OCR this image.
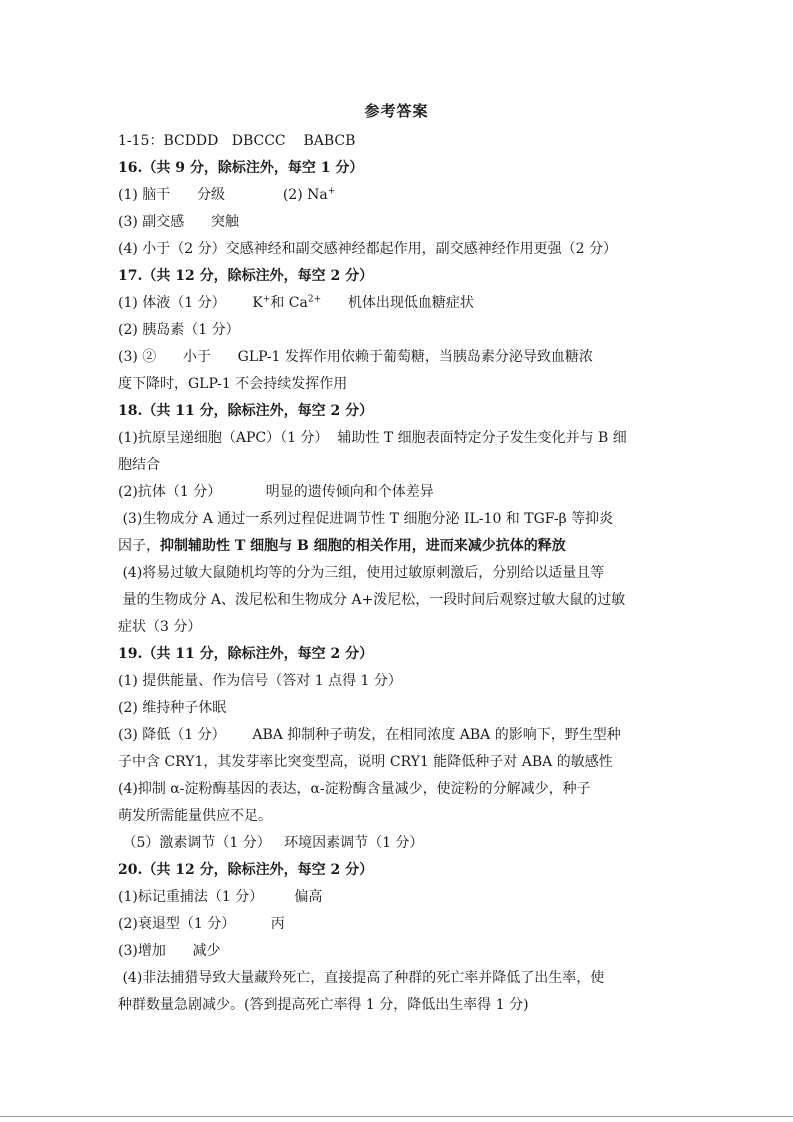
参考答案
1-15：BCDDD   DBCCC    BABCB
16.（共 9 分，除标注外，每空 1 分）
(1) 脑干      分级             (2) Na+
(3) 副交感      突触
(4) 小于（2 分）交感神经和副交感神经都起作用，副交感神经作用更强（2 分）
17.（共 12 分，除标注外，每空 2 分）
(1) 体液（1 分）      K+和 $Ca^{2+}$      机体出现低血糖症状
(2) 胰岛素（1 分）
(3) ②      小于      GLP-1 发挥作用依赖于葡萄糖，当胰岛素分泌导致血糖浓
度下降时，GLP-1 不会持续发挥作用
18.（共 11 分，除标注外，每空 2 分）
(1)抗原呈递细胞（APC）（1 分）  辅助性 T 细胞表面特定分子发生变化并与 B 细
胞结合
(2)抗体（1 分）          明显的遗传倾向和个体差异
(3)生物成分 A 通过一系列过程促进调节性 T 细胞分泌 IL-10 和 TGF-β 等抑炎
因子，抑制辅助性 T 细胞与 B 细胞的相关作用，进而来减少抗体的释放
(4)将易过敏大鼠随机均等的分为三组，使用过敏原刺激后，分别给以适量且等
量的生物成分 A、泼尼松和生物成分 A+泼尼松，一段时间后观察过敏大鼠的过敏
症状（3 分）
19.（共 11 分，除标注外，每空 2 分）
(1) 提供能量、作为信号（答对 1 点得 1 分）
(2) 维持种子休眠
(3) 降低（1 分）      ABA 抑制种子萌发，在相同浓度 ABA 的影响下，野生型种
子中含 CRY1，其发芽率比突变型高，说明 CRY1 能降低种子对 ABA 的敏感性
(4)抑制 α-淀粉酶基因的表达，α-淀粉酶含量减少，使淀粉的分解减少，种子
萌发所需能量供应不足。
（5）激素调节（1 分）   环境因素调节（1 分）
20.（共 12 分，除标注外，每空 2 分）
(1)标记重捕法（1 分）       偏高
(2)衰退型（1 分）        丙
(3)增加      减少
(4)非法捕猎导致大量藏羚死亡，直接提高了种群的死亡率并降低了出生率，使
种群数量急剧减少。(答到提高死亡率得 1 分，降低出生率得 1 分)
